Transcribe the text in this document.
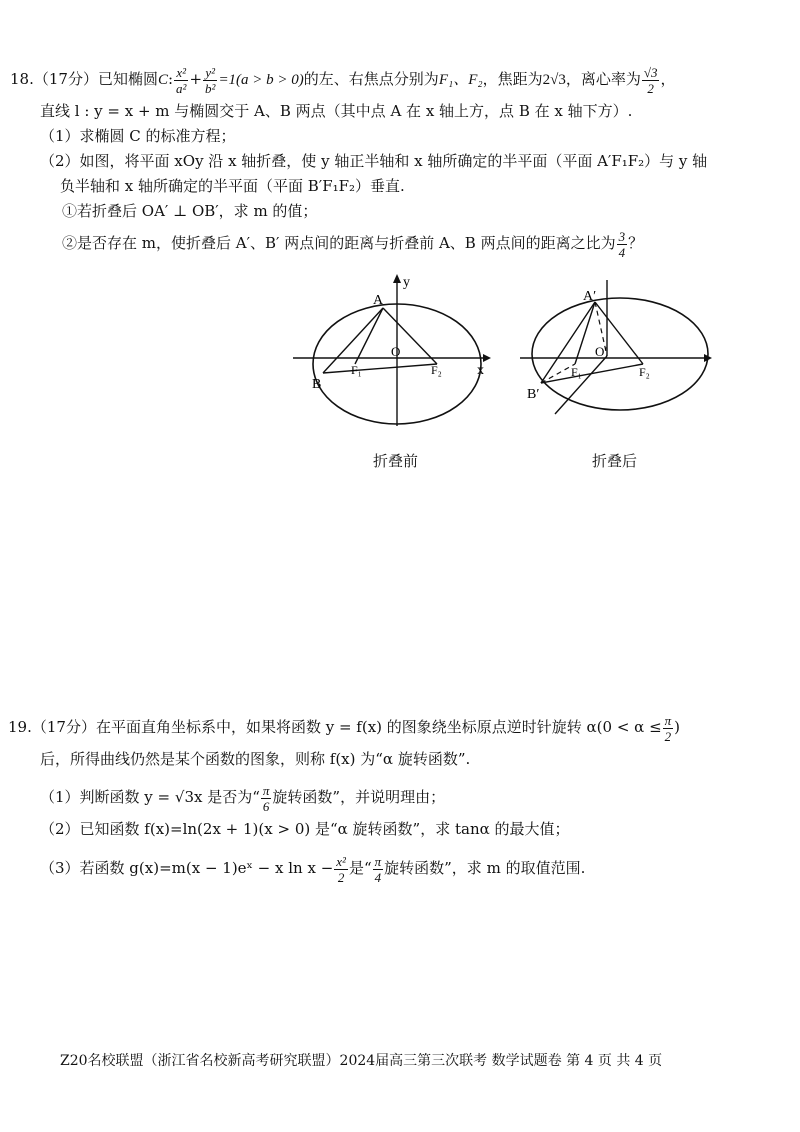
18.（17分）已知椭圆C: $\frac{\text{x²}}{\text{a²}} + \frac{\text{y²}}{\text{b²}} =1(a > b > 0)$的左、右焦点分别为F₁、F₂，焦距为2√3，离心率为 $\frac{√3}{2}$ ，
直线 l : y = x + m 与椭圆交于 A、B 两点（其中点 A 在 x 轴上方，点 B 在 x 轴下方）.
（1）求椭圆 C 的标准方程；
（2）如图，将平面 xOy 沿 x 轴折叠，使 y 轴正半轴和 x 轴所确定的半平面（平面 A′F₁F₂）与 y 轴
负半轴和 x 轴所确定的半平面（平面 B′F₁F₂）垂直.
①若折叠后 OA′ ⊥ OB′，求 m 的值；
②是否存在 m，使折叠后 A′、B′ 两点间的距离与折叠前 A、B 两点间的距离之比为 $\frac{3}{4}$ ？
y
A
O
F₁	F₂
B
x
折叠前
A′
O′
F₁	F₂
B′
折叠后
19.（17分）在平面直角坐标系中，如果将函数 y = f(x) 的图象绕坐标原点逆时针旋转 $\alpha(0 < \alpha \le \frac{\pi}{2}$ )
后，所得曲线仍然是某个函数的图象，则称 f(x) 为“α 旋转函数”.
（1）判断函数 y = √3x 是否为“ $\frac{\pi}{6}$ 旋转函数”，并说明理由；
（2）已知函数 f(x)=ln(2x + 1)(x > 0) 是“α 旋转函数”，求 tanα 的最大值；
（3）若函数 g(x)=m(x − 1)eˣ − x $\ln x - \frac{\text{x²}}{2}$ 是“ $\frac{\pi}{4}$ 旋转函数”，求 m 的取值范围.
Z20名校联盟（浙江省名校新高考研究联盟）2024届高三第三次联考 数学试题卷 第 4 页 共 4 页
